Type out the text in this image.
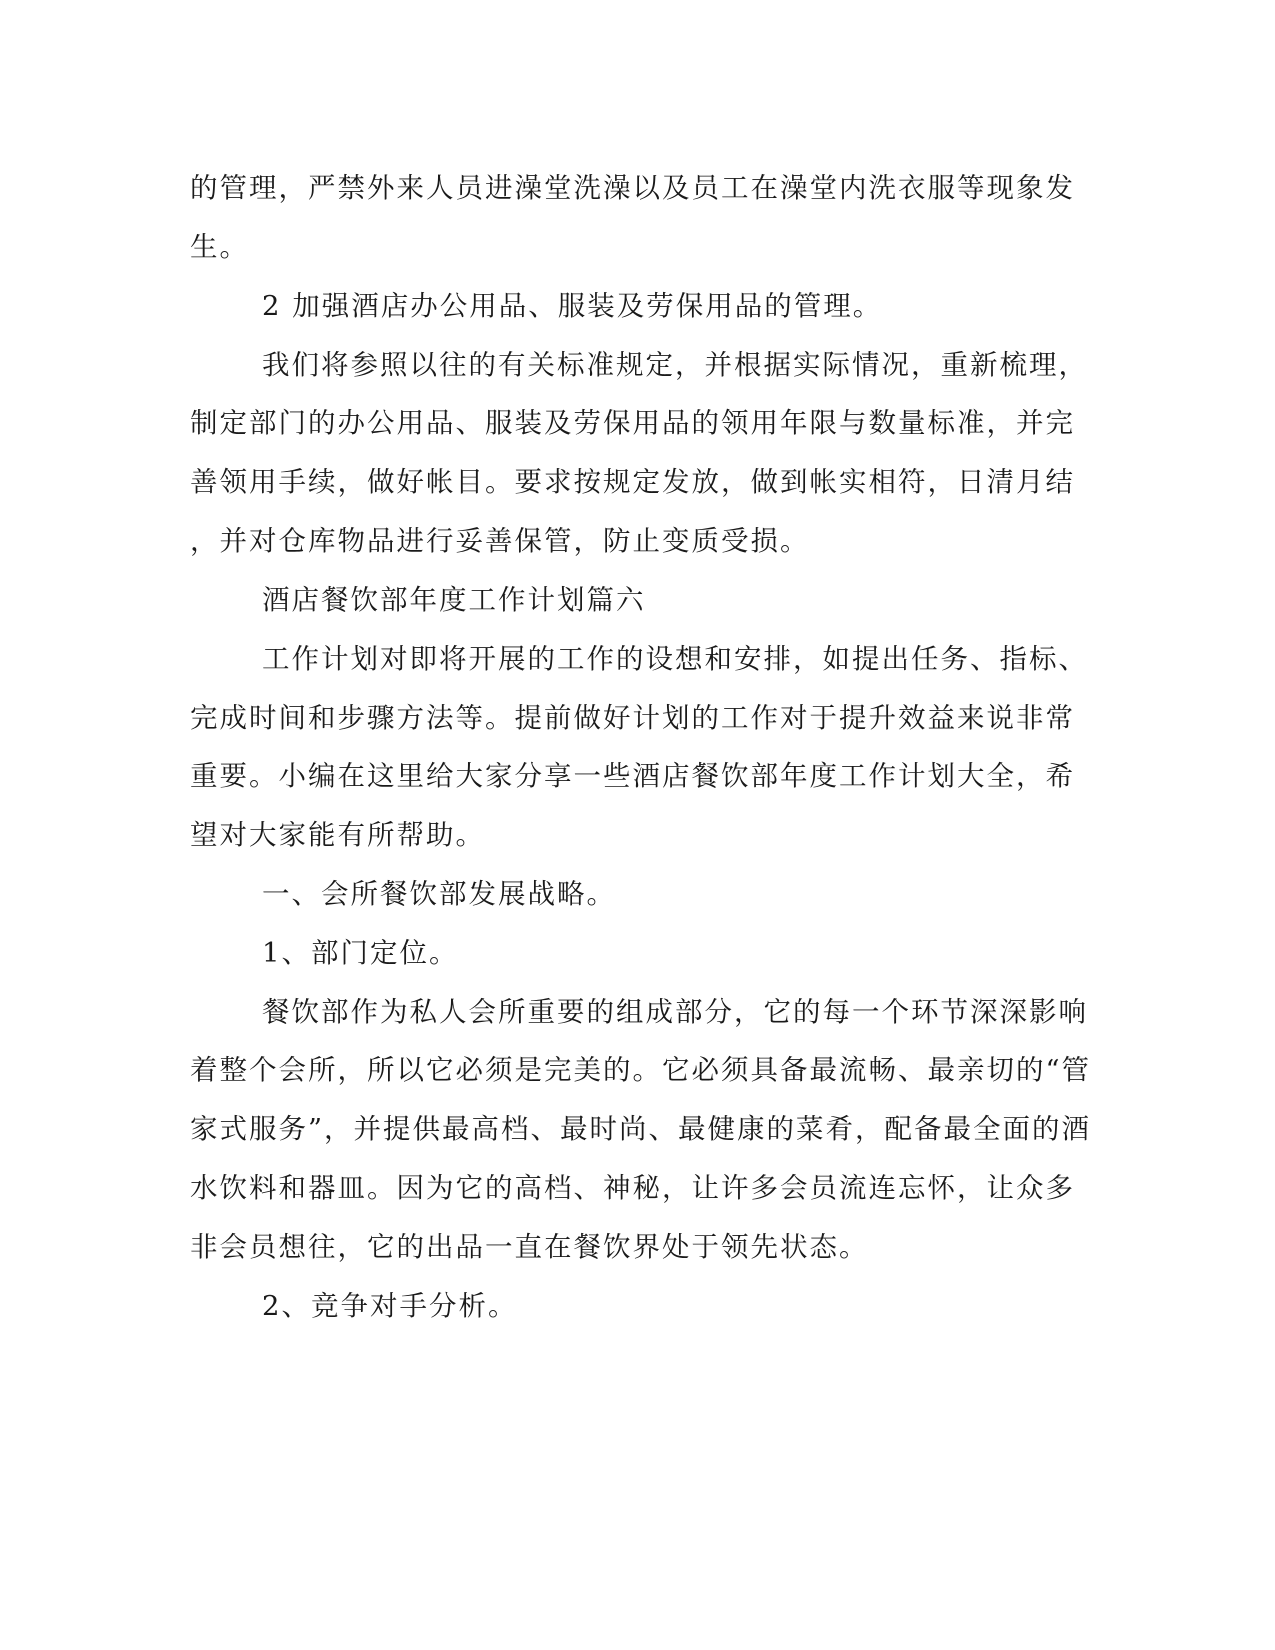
的管理，严禁外来人员进澡堂洗澡以及员工在澡堂内洗衣服等现象发
生。
2 加强酒店办公用品、服装及劳保用品的管理。
我们将参照以往的有关标准规定，并根据实际情况，重新梳理，
制定部门的办公用品、服装及劳保用品的领用年限与数量标准，并完
善领用手续，做好帐目。要求按规定发放，做到帐实相符，日清月结
，并对仓库物品进行妥善保管，防止变质受损。
酒店餐饮部年度工作计划篇六
工作计划对即将开展的工作的设想和安排，如提出任务、指标、
完成时间和步骤方法等。提前做好计划的工作对于提升效益来说非常
重要。小编在这里给大家分享一些酒店餐饮部年度工作计划大全，希
望对大家能有所帮助。
一、会所餐饮部发展战略。
1、部门定位。
餐饮部作为私人会所重要的组成部分，它的每一个环节深深影响
着整个会所，所以它必须是完美的。它必须具备最流畅、最亲切的“管
家式服务”，并提供最高档、最时尚、最健康的菜肴，配备最全面的酒
水饮料和器皿。因为它的高档、神秘，让许多会员流连忘怀，让众多
非会员想往，它的出品一直在餐饮界处于领先状态。
2、竞争对手分析。
